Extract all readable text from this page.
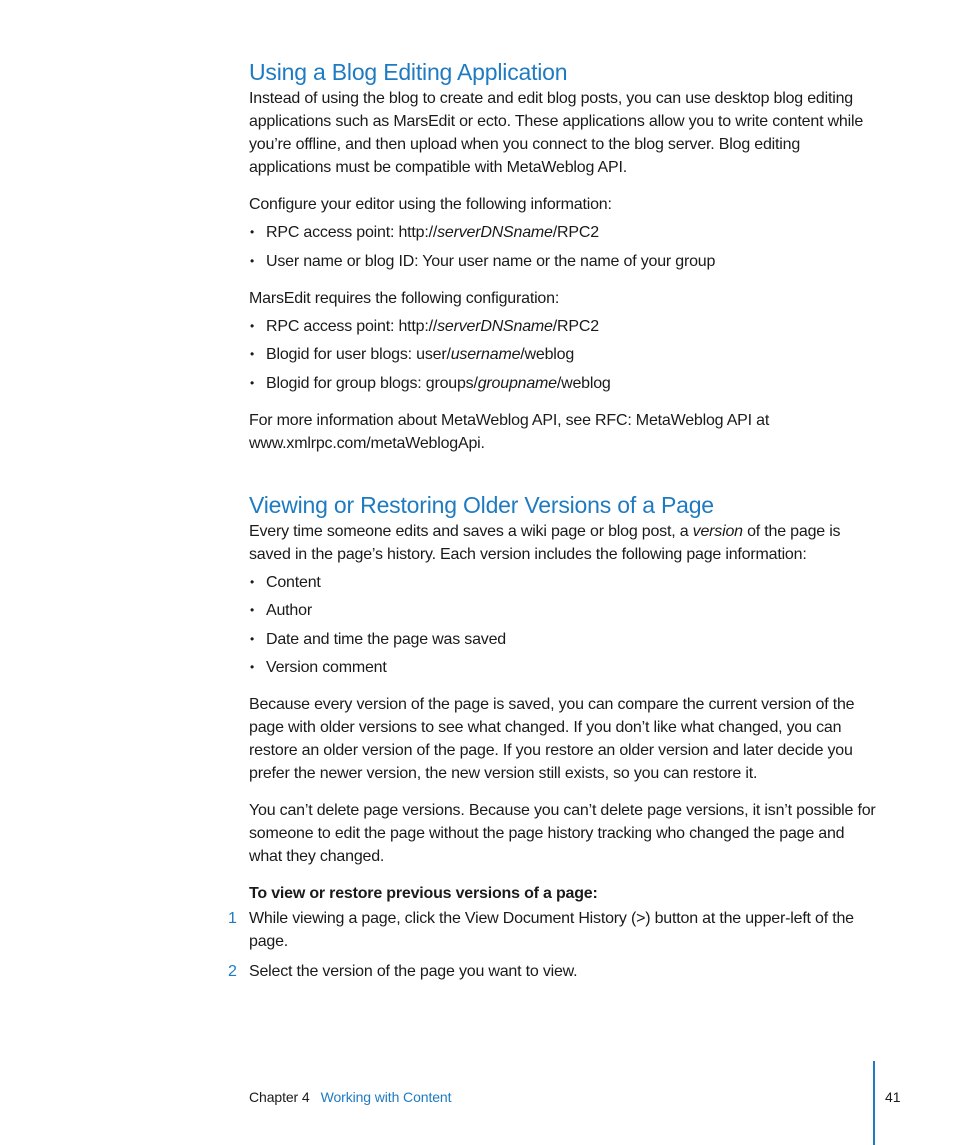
Using a Blog Editing Application

Instead of using the blog to create and edit blog posts, you can use desktop blog editing applications such as MarsEdit or ecto. These applications allow you to write content while you’re offline, and then upload when you connect to the blog server. Blog editing applications must be compatible with MetaWeblog API.

Configure your editor using the following information:

• RPC access point: http://serverDNSname/RPC2
• User name or blog ID: Your user name or the name of your group

MarsEdit requires the following configuration:

• RPC access point: http://serverDNSname/RPC2
• Blogid for user blogs: user/username/weblog
• Blogid for group blogs: groups/groupname/weblog

For more information about MetaWeblog API, see RFC: MetaWeblog API at www.xmlrpc.com/metaWeblogApi.

Viewing or Restoring Older Versions of a Page

Every time someone edits and saves a wiki page or blog post, a version of the page is saved in the page’s history. Each version includes the following page information:

• Content
• Author
• Date and time the page was saved
• Version comment

Because every version of the page is saved, you can compare the current version of the page with older versions to see what changed. If you don’t like what changed, you can restore an older version of the page. If you restore an older version and later decide you prefer the newer version, the new version still exists, so you can restore it.

You can’t delete page versions. Because you can’t delete page versions, it isn’t possible for someone to edit the page without the page history tracking who changed the page and what they changed.

To view or restore previous versions of a page:
1 While viewing a page, click the View Document History (>) button at the upper-left of the page.
2 Select the version of the page you want to view.
Chapter 4 Working with Content	41
